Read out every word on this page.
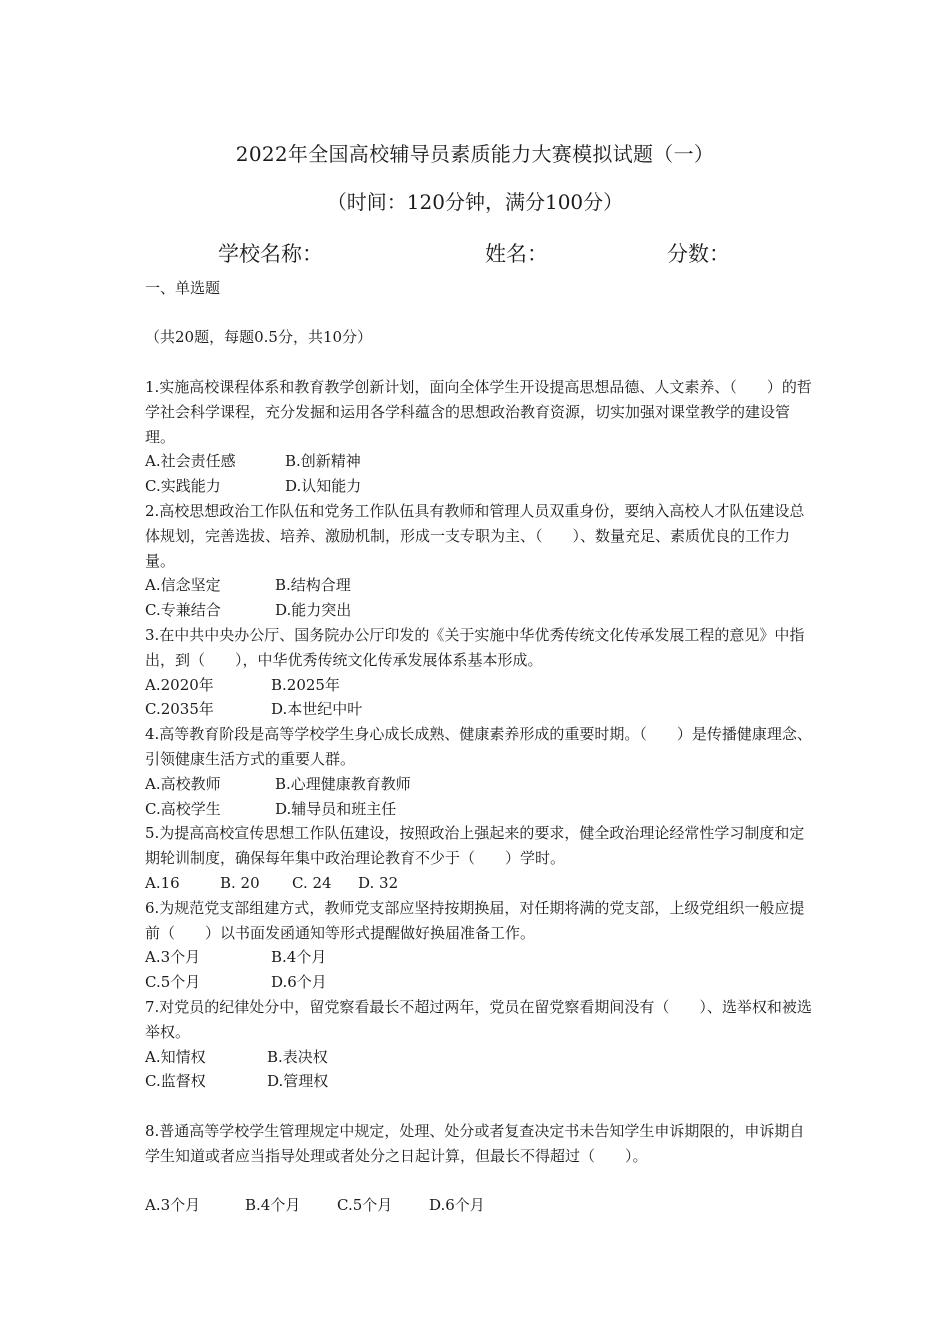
2022年全国高校辅导员素质能力大赛模拟试题（一）
（时间：120分钟，满分100分）
学校名称：	姓名：	分数：
一、单选题
（共20题，每题0.5分，共10分）

1.实施高校课程体系和教育教学创新计划，面向全体学生开设提高思想品德、人文素养、（　　）的哲学社会科学课程，充分发掘和运用各学科蕴含的思想政治教育资源，切实加强对课堂教学的建设管理。

A.社会责任感	B.创新精神

C.实践能力	D.认知能力

2.高校思想政治工作队伍和党务工作队伍具有教师和管理人员双重身份，要纳入高校人才队伍建设总体规划，完善选拔、培养、激励机制，形成一支专职为主、（　　）、数量充足、素质优良的工作力量。

A.信念坚定	B.结构合理

C.专兼结合	D.能力突出

3.在中共中央办公厅、国务院办公厅印发的《关于实施中华优秀传统文化传承发展工程的意见》中指出，到（　　），中华优秀传统文化传承发展体系基本形成。

A.2020年	B.2025年

C.2035年	D.本世纪中叶

4.高等教育阶段是高等学校学生身心成长成熟、健康素养形成的重要时期。（　　）是传播健康理念、引领健康生活方式的重要人群。

A.高校教师	B.心理健康教育教师

C.高校学生	D.辅导员和班主任

5.为提高高校宣传思想工作队伍建设，按照政治上强起来的要求，健全政治理论经常性学习制度和定期轮训制度，确保每年集中政治理论教育不少于（　　）学时。

A.16	B. 20 C. 24 D. 32

6.为规范党支部组建方式，教师党支部应坚持按期换届，对任期将满的党支部，上级党组织一般应提前（　　）以书面发函通知等形式提醒做好换届准备工作。

A.3个月	B.4个月

C.5个月	D.6个月

7.对党员的纪律处分中，留党察看最长不超过两年，党员在留党察看期间没有（　　）、选举权和被选举权。

A.知情权	B.表决权

C.监督权	D.管理权

8.普通高等学校学生管理规定中规定，处理、处分或者复查决定书未告知学生申诉期限的，申诉期自学生知道或者应当指导处理或者处分之日起计算，但最长不得超过（　　）。

A.3个月	B.4个月 C.5个月 D.6个月
